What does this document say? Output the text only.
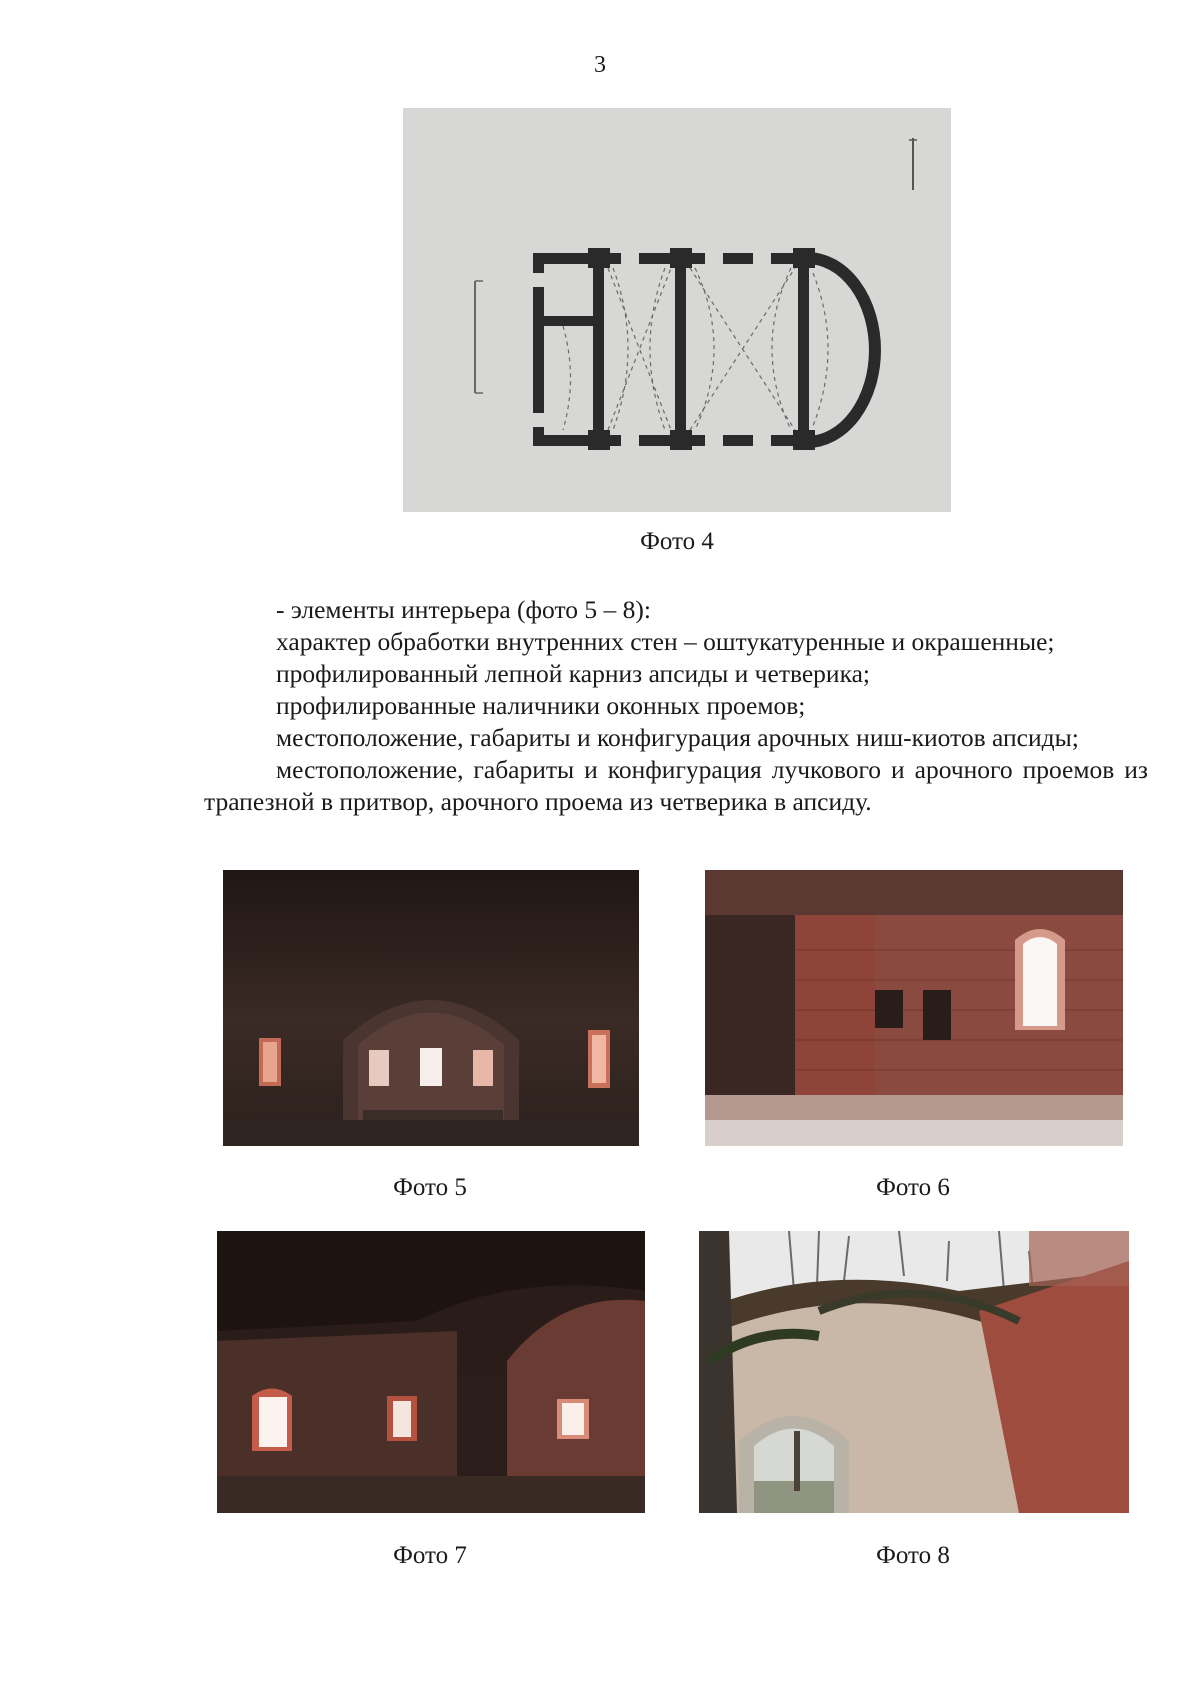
3
Фото 4

- элементы интерьера (фото 5 – 8):

характер обработки внутренних стен – оштукатуренные и окрашенные;

профилированный лепной карниз апсиды и четверика;

профилированные наличники оконных проемов;

местоположение, габариты и конфигурация арочных ниш-киотов апсиды;

местоположение, габариты и конфигурация лучкового и арочного проемов из трапезной в притвор, арочного проема из четверика в апсиду.

Фото 5	Фото 6
Фото 7	Фото 8
